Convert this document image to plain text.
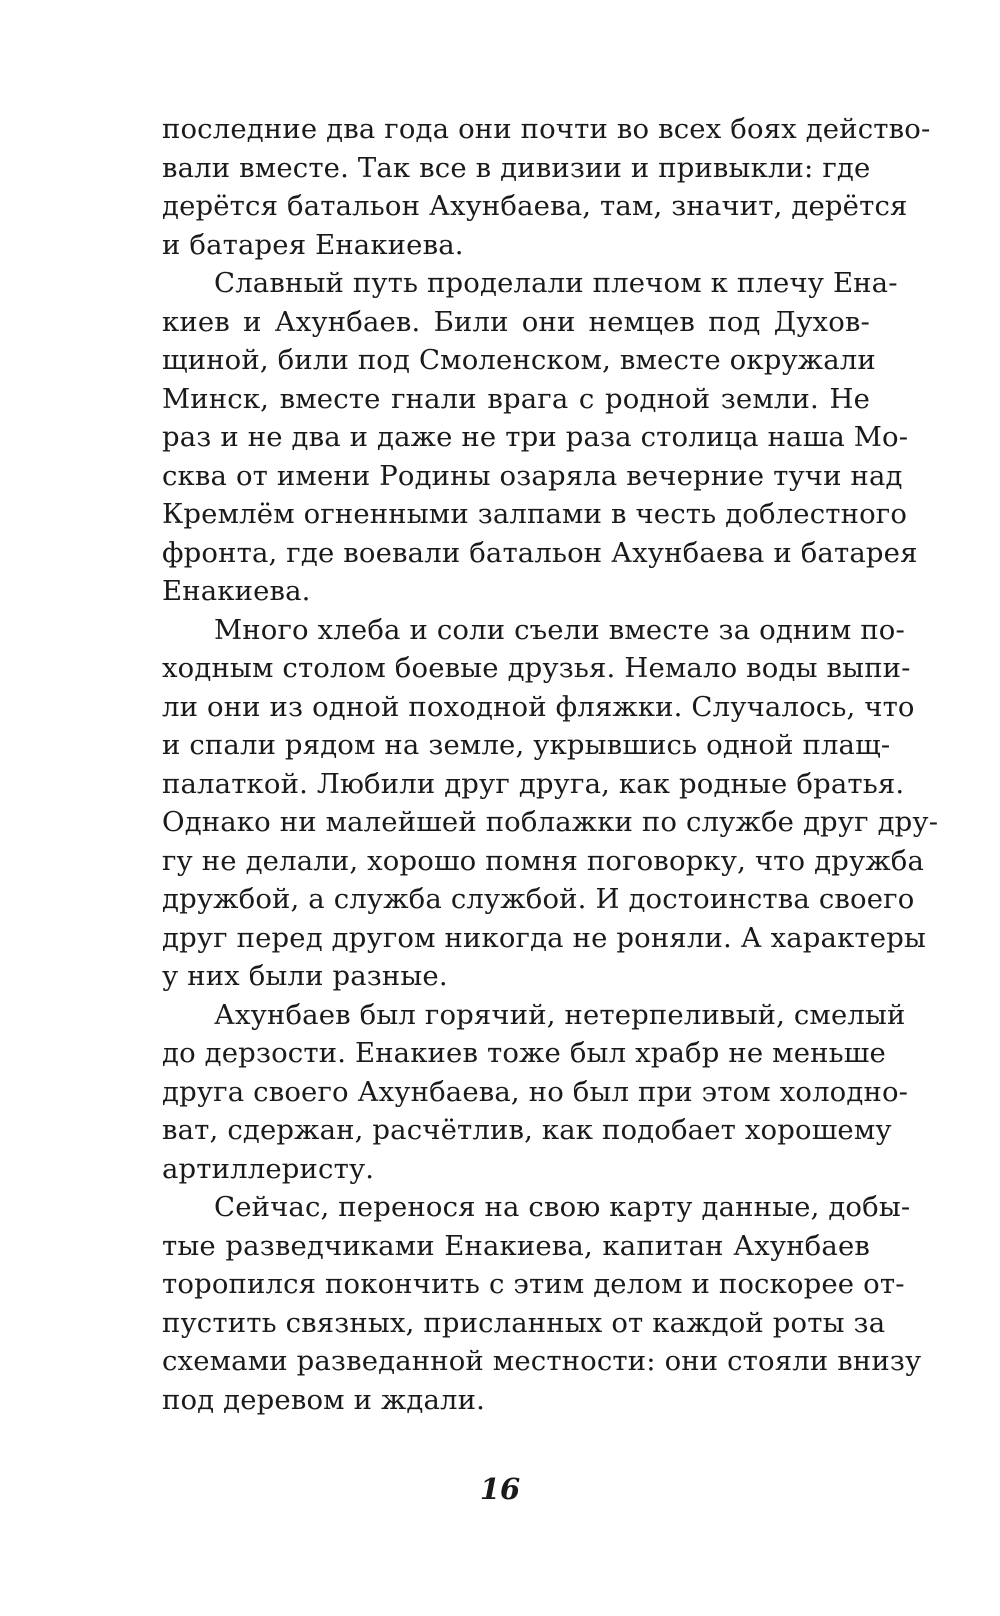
последние два года они почти во всех боях действо-
вали вместе. Так все в дивизии и привыкли: где
дерётся батальон Ахунбаева, там, значит, дерётся
и батарея Енакиева.
Славный путь проделали плечом к плечу Ена-
киев и Ахунбаев. Били они немцев под Духов-
щиной, били под Смоленском, вместе окружали
Минск, вместе гнали врага с родной земли. Не
раз и не два и даже не три раза столица наша Мо-
сква от имени Родины озаряла вечерние тучи над
Кремлём огненными залпами в честь доблестного
фронта, где воевали батальон Ахунбаева и батарея
Енакиева.
Много хлеба и соли съели вместе за одним по-
ходным столом боевые друзья. Немало воды выпи-
ли они из одной походной фляжки. Случалось, что
и спали рядом на земле, укрывшись одной плащ-
палаткой. Любили друг друга, как родные братья.
Однако ни малейшей поблажки по службе друг дру-
гу не делали, хорошо помня поговорку, что дружба
дружбой, а служба службой. И достоинства своего
друг перед другом никогда не роняли. А характеры
у них были разные.
Ахунбаев был горячий, нетерпеливый, смелый
до дерзости. Енакиев тоже был храбр не меньше
друга своего Ахунбаева, но был при этом холодно-
ват, сдержан, расчётлив, как подобает хорошему
артиллеристу.
Сейчас, перенося на свою карту данные, добы-
тые разведчиками Енакиева, капитан Ахунбаев
торопился покончить с этим делом и поскорее от-
пустить связных, присланных от каждой роты за
схемами разведанной местности: они стояли внизу
под деревом и ждали.
16
